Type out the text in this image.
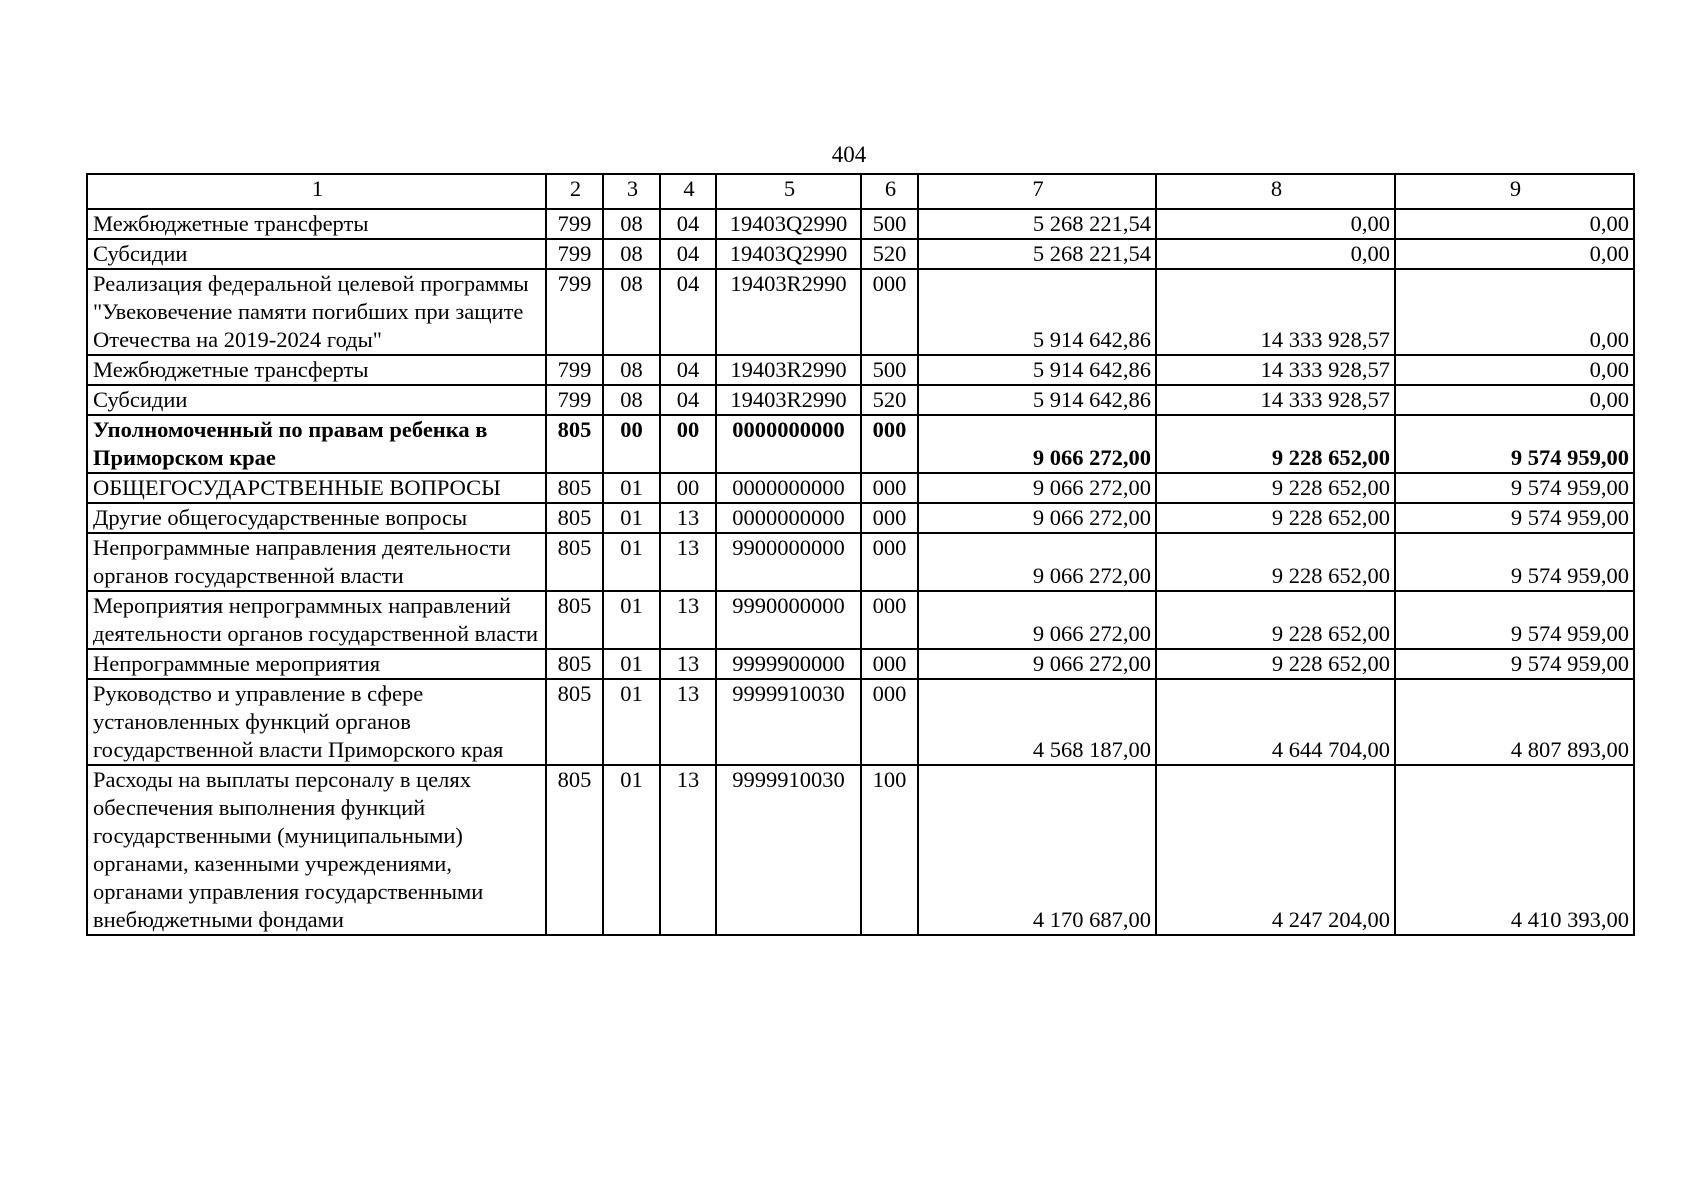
404
1	2	3	4	5	6	7	8	9
Межбюджетные трансферты	799	08	04	19403Q2990	500	5 268 221,54	0,00	0,00
Субсидии	799	08	04	19403Q2990	520	5 268 221,54	0,00	0,00
Реализация федеральной целевой программы "Увековечение памяти погибших при защите Отечества на 2019-2024 годы"	799	08	04	19403R2990	000	5 914 642,86	14 333 928,57	0,00
Межбюджетные трансферты	799	08	04	19403R2990	500	5 914 642,86	14 333 928,57	0,00
Субсидии	799	08	04	19403R2990	520	5 914 642,86	14 333 928,57	0,00
Уполномоченный по правам ребенка в Приморском крае	805	00	00	0000000000	000	9 066 272,00	9 228 652,00	9 574 959,00
ОБЩЕГОСУДАРСТВЕННЫЕ ВОПРОСЫ	805	01	00	0000000000	000	9 066 272,00	9 228 652,00	9 574 959,00
Другие общегосударственные вопросы	805	01	13	0000000000	000	9 066 272,00	9 228 652,00	9 574 959,00
Непрограммные направления деятельности органов государственной власти	805	01	13	9900000000	000	9 066 272,00	9 228 652,00	9 574 959,00
Мероприятия непрограммных направлений деятельности органов государственной власти	805	01	13	9990000000	000	9 066 272,00	9 228 652,00	9 574 959,00
Непрограммные мероприятия	805	01	13	9999900000	000	9 066 272,00	9 228 652,00	9 574 959,00
Руководство и управление в сфере установленных функций органов государственной власти Приморского края	805	01	13	9999910030	000	4 568 187,00	4 644 704,00	4 807 893,00
Расходы на выплаты персоналу в целях обеспечения выполнения функций государственными (муниципальными) органами, казенными учреждениями, органами управления государственными внебюджетными фондами	805	01	13	9999910030	100	4 170 687,00	4 247 204,00	4 410 393,00
